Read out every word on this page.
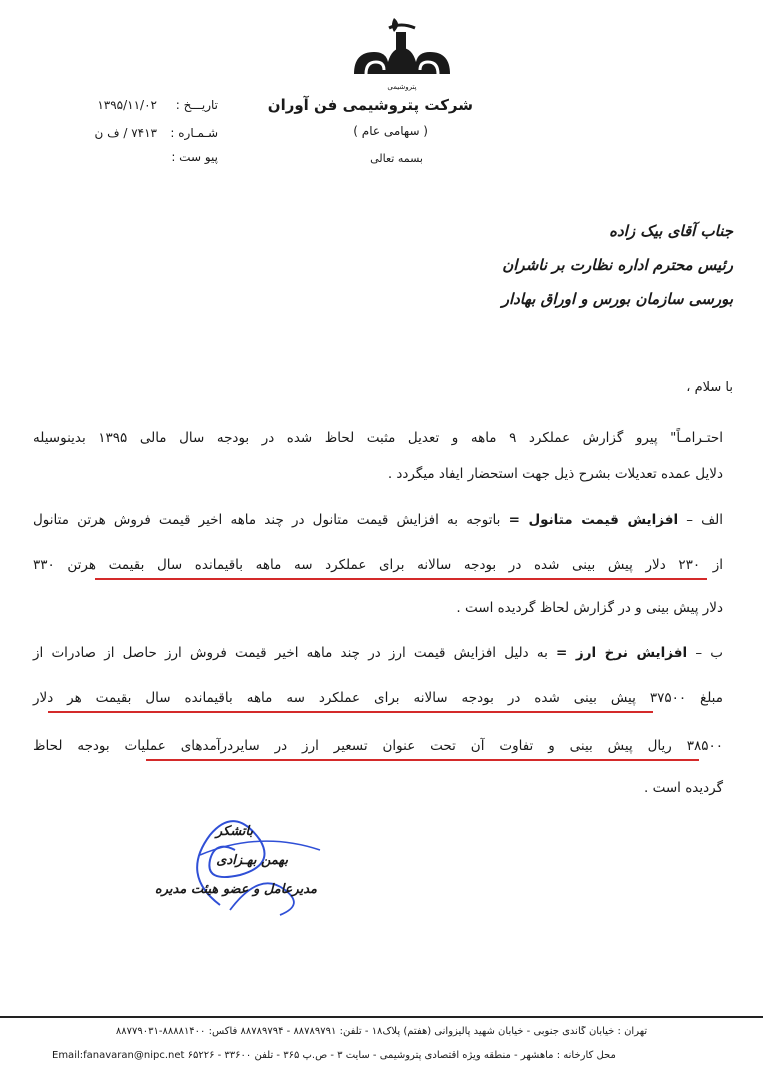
پتروشیمی
شرکت پتروشیمی فن آوران
( سهامی عام )
بسمه تعالی
تاریـــخ :
۱۳۹۵/۱۱/۰۲
شـمـاره :
۷۴۱۳ / ف ن
پیو ست :
جناب آقای بیک زاده
رئیس محترم اداره نظارت بر ناشران
بورسی سازمان بورس و اوراق بهادار
با سلام ،
احتـرامـاً" پیرو گزارش عملکرد ۹ ماهه و تعدیل مثبت لحاظ شده در بودجه سال مالی ۱۳۹۵ بدینوسیله
دلایل عمده تعدیلات بشرح ذیل جهت استحضار ایفاد میگردد .
الف – افزایش قیمت متانول = باتوجه به افزایش قیمت متانول در چند ماهه اخیر قیمت فروش هرتن متانول
از ۲۳۰ دلار پیش بینی شده در بودجه سالانه برای عملکرد سه ماهه باقیمانده سال بقیمت هرتن ۳۳۰
دلار پیش بینی و در گزارش لحاظ گردیده است .
ب – افزایش نرخ ارز = به دلیل افزایش قیمت ارز در چند ماهه اخیر قیمت فروش ارز حاصل از صادرات از
مبلغ ۳۷۵۰۰ پیش بینی شده در بودجه سالانه برای عملکرد سه ماهه باقیمانده سال بقیمت هر دلار
۳۸۵۰۰ ریال پیش بینی و تفاوت آن تحت عنوان تسعیر ارز در سایردرآمدهای عملیات بودجه لحاظ
گردیده است .
باتشکر
بهمن بهـزادی
مدیرعامل و عضو هیئت مدیره
تهران : خیابان گاندی جنوبی - خیابان شهید پالیزوانی (هفتم) پلاک۱۸ - تلفن: ۸۸۷۸۹۷۹۱ - ۸۸۷۸۹۷۹۴ فاکس: ۸۸۸۸۱۴۰۰-۸۸۷۷۹۰۳۱
Email:fanavaran@nipc.net محل کارخانه : ماهشهر - منطقه ویژه اقتصادی پتروشیمی - سایت ۳ - ص.پ ۳۶۵ - تلفن ۳۳۶۰۰ - ۶۵۲۲۶
